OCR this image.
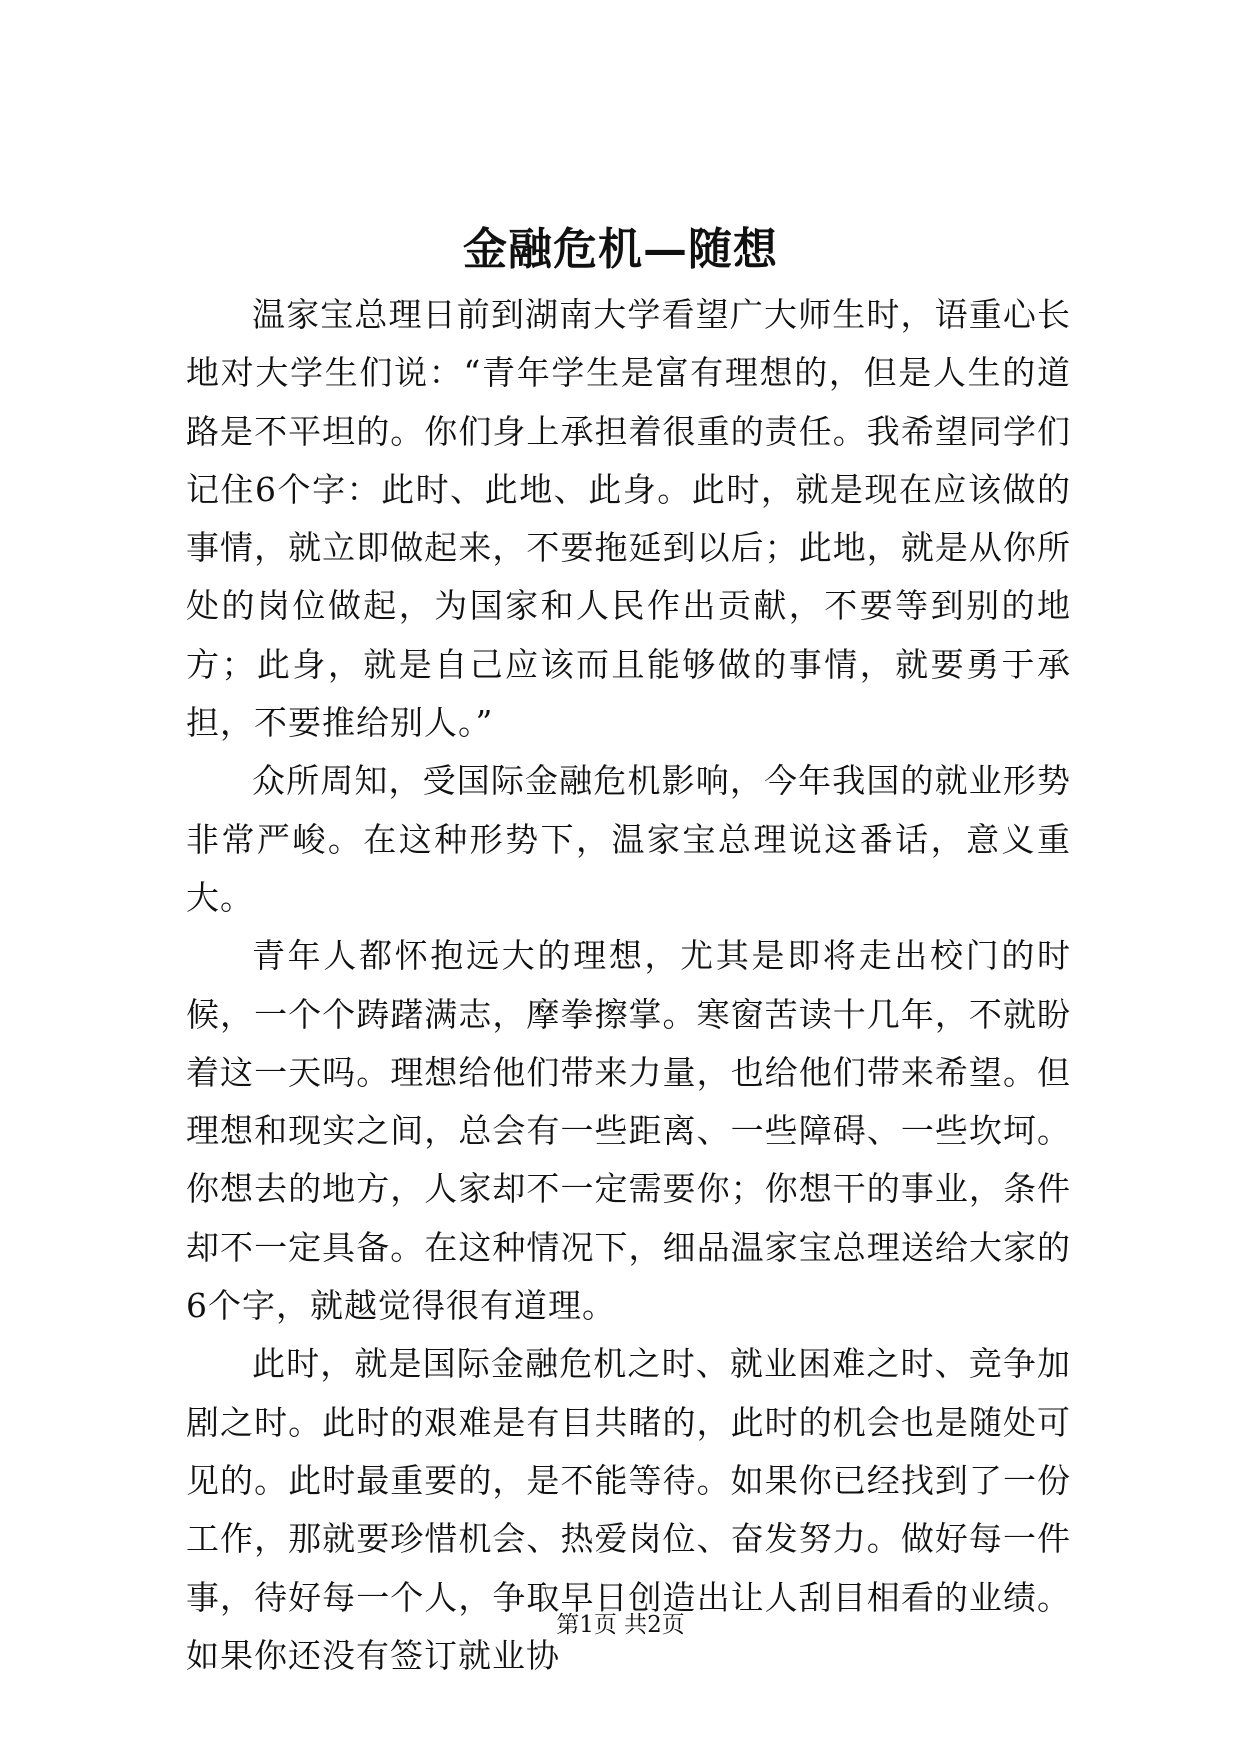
金融危机—随想

温家宝总理日前到湖南大学看望广大师生时，语重心长地对大学生们说：“青年学生是富有理想的，但是人生的道路是不平坦的。你们身上承担着很重的责任。我希望同学们记住6个字：此时、此地、此身。此时，就是现在应该做的事情，就立即做起来，不要拖延到以后；此地，就是从你所处的岗位做起，为国家和人民作出贡献，不要等到别的地方；此身，就是自己应该而且能够做的事情，就要勇于承担，不要推给别人。”

众所周知，受国际金融危机影响，今年我国的就业形势非常严峻。在这种形势下，温家宝总理说这番话，意义重大。

青年人都怀抱远大的理想，尤其是即将走出校门的时候，一个个踌躇满志，摩拳擦掌。寒窗苦读十几年，不就盼着这一天吗。理想给他们带来力量，也给他们带来希望。但理想和现实之间，总会有一些距离、一些障碍、一些坎坷。你想去的地方，人家却不一定需要你；你想干的事业，条件却不一定具备。在这种情况下，细品温家宝总理送给大家的6个字，就越觉得很有道理。

此时，就是国际金融危机之时、就业困难之时、竞争加剧之时。此时的艰难是有目共睹的，此时的机会也是随处可见的。此时最重要的，是不能等待。如果你已经找到了一份工作，那就要珍惜机会、热爱岗位、奋发努力。做好每一件事，待好每一个人，争取早日创造出让人刮目相看的业绩。如果你还没有签订就业协

第1页 共2页
